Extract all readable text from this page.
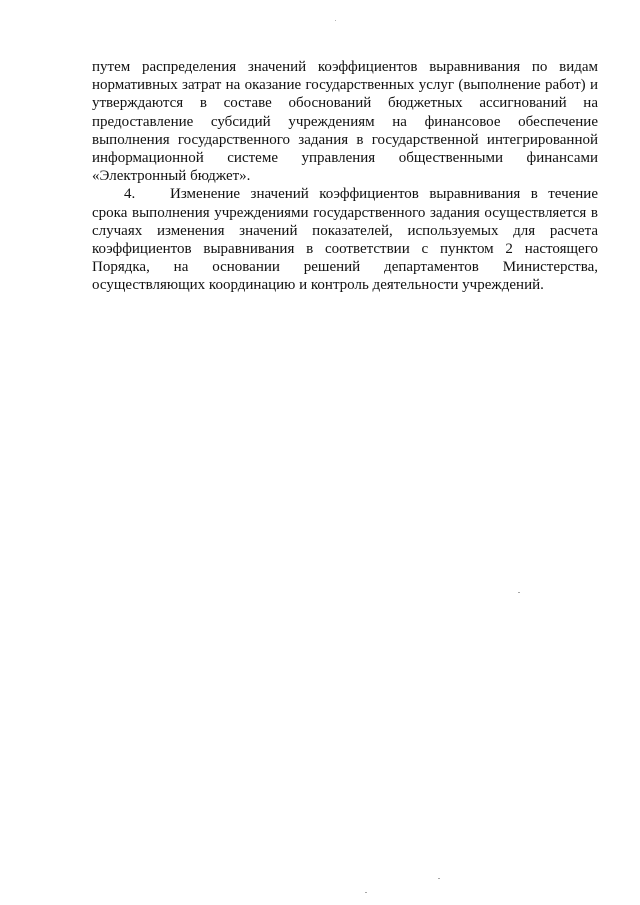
путем распределения значений коэффициентов выравнивания по видам нормативных затрат на оказание государственных услуг (выполнение работ) и утверждаются в составе обоснований бюджетных ассигнований на предоставление субсидий учреждениям на финансовое обеспечение выполнения государственного задания в государственной интегрированной информационной системе управления общественными финансами «Электронный бюджет».

4. Изменение значений коэффициентов выравнивания в течение срока выполнения учреждениями государственного задания осуществляется в случаях изменения значений показателей, используемых для расчета коэффициентов выравнивания в соответствии с пунктом 2 настоящего Порядка, на основании решений департаментов Министерства, осуществляющих координацию и контроль деятельности учреждений.
